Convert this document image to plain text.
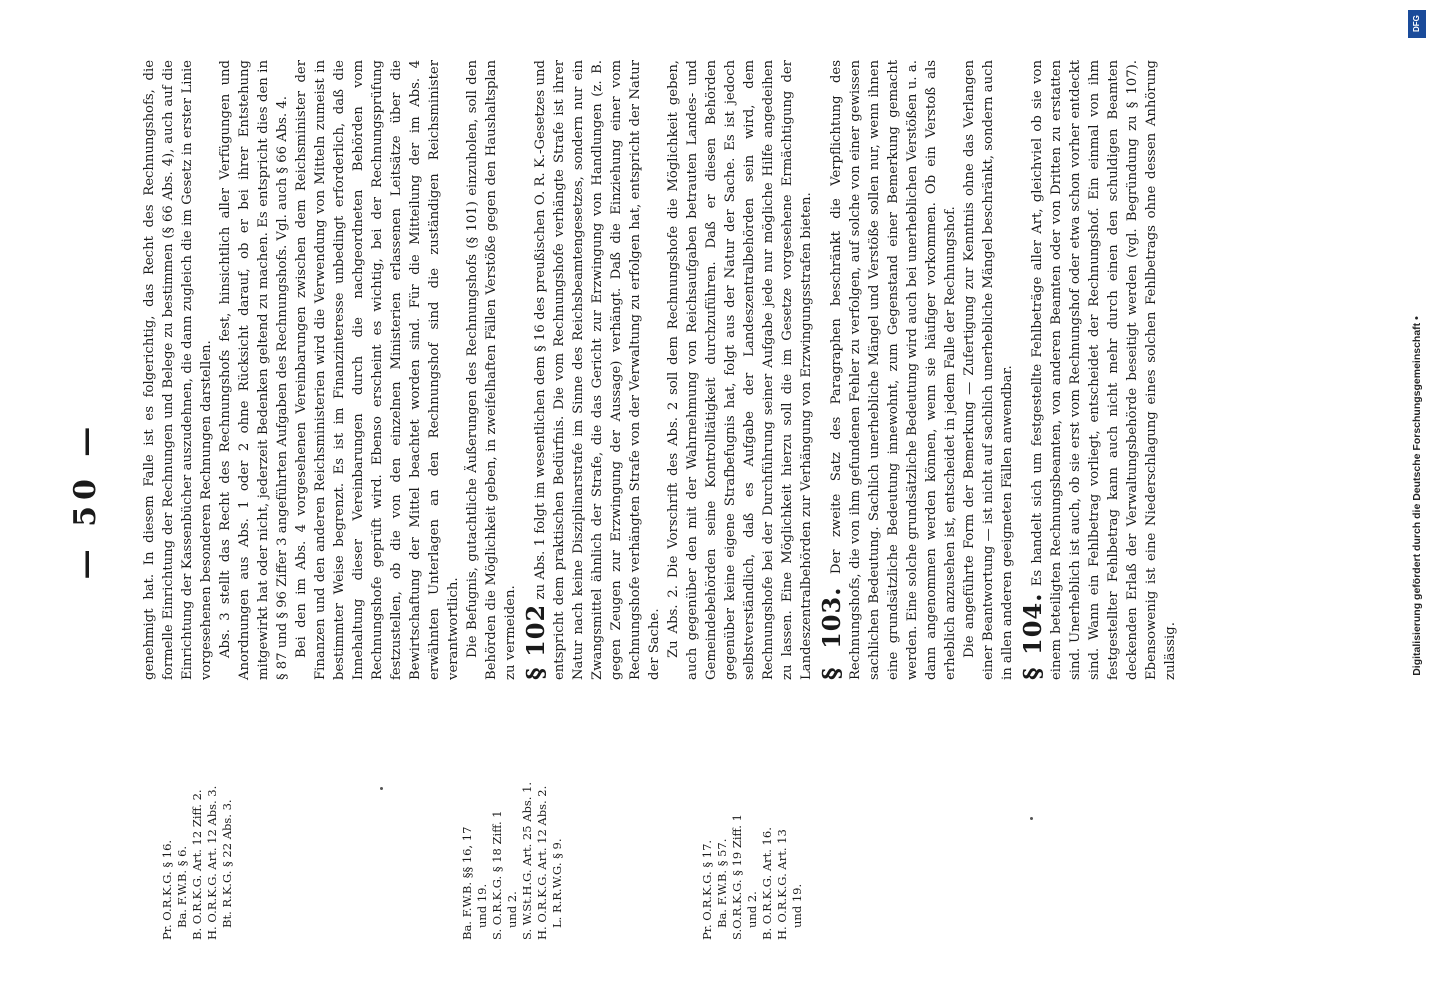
— 50 —
Pr. O.R.K.G. § 16. Ba. F.W.B. § 6. B. O.R.K.G. Art. 12 Ziff. 2. H. O.R.K.G. Art. 12 Abs. 3. Bt. R.K.G. § 22 Abs. 3.	Ba. F.W.B. §§ 16, 17 und 19. S. O.R.K.G. § 18 Ziff. 1 und 2. S. W.St.H.G. Art. 25 Abs. 1. H. O.R.K.G. Art. 12 Abs. 2. L. R.R.W.G. § 9.	Pr. O.R.K.G. § 17. Ba. F.W.B. § 57. S.O.R.K.G. § 19 Ziff. 1 und 2. B. O.R.K.G. Art. 16. H. O.R.K.G. Art. 13 und 19.

genehmigt hat. In diesem Falle ist es folgerichtig, das Recht des Rechnungshofs, die formelle Einrichtung der Rechnungen und Belege zu bestimmen (§ 66 Abs. 4), auch auf die Einrichtung der Kassenbücher auszudehnen, die dann zugleich die im Gesetz in erster Linie vorgesehenen besonderen Rechnungen darstellen. Abs. 3 stellt das Recht des Rechnungshofs fest, hinsichtlich aller Verfügungen und Anordnungen aus Abs. 1 oder 2 ohne Rücksicht darauf, ob er bei ihrer Entstehung mitgewirkt hat oder nicht, jederzeit Bedenken geltend zu machen. Es entspricht dies den in § 87 und § 96 Ziffer 3 angeführten Aufgaben des Rechnungshofs. Vgl. auch § 66 Abs. 4. Bei den im Abs. 4 vorgesehenen Vereinbarungen zwischen dem Reichsminister der Finanzen und den anderen Reichsministerien wird die Verwendung von Mitteln zumeist in bestimmter Weise begrenzt. Es ist im Finanzinteresse unbedingt erforderlich, daß die Innehaltung dieser Vereinbarungen durch die nachgeordneten Behörden vom Rechnungshofe geprüft wird. Ebenso erscheint es wichtig, bei der Rechnungsprüfung festzustellen, ob die von den einzelnen Ministerien erlassenen Leitsätze über die Bewirtschaftung der Mittel beachtet worden sind. Für die Mitteilung der im Abs. 4 erwähnten Unterlagen an den Rechnungshof sind die zuständigen Reichsminister verantwortlich. Die Befugnis, gutachtliche Äußerungen des Rechnungshofs (§ 101) einzuholen, soll den Behörden die Möglichkeit geben, in zweifelhaften Fällen Verstöße gegen den Haushaltsplan zu vermeiden. § 102 zu Abs. 1 folgt im wesentlichen dem § 16 des preußischen O. R. K.-Gesetzes und entspricht dem praktischen Bedürfnis. Die vom Rechnungshofe verhängte Strafe ist ihrer Natur nach keine Disziplinarstrafe im Sinne des Reichsbeamtengesetzes, sondern nur ein Zwangsmittel ähnlich der Strafe, die das Gericht zur Erzwingung von Handlungen (z. B. gegen Zeugen zur Erzwingung der Aussage) verhängt. Daß die Einziehung einer vom Rechnungshofe verhängten Strafe von der Verwaltung zu erfolgen hat, entspricht der Natur der Sache. Zu Abs. 2. Die Vorschrift des Abs. 2 soll dem Rechnungshofe die Möglichkeit geben, auch gegenüber den mit der Wahrnehmung von Reichsaufgaben betrauten Landes- und Gemeindebehörden seine Kontrolltätigkeit durchzuführen. Daß er diesen Behörden gegenüber keine eigene Strafbefugnis hat, folgt aus der Natur der Sache. Es ist jedoch selbstverständlich, daß es Aufgabe der Landeszentralbehörden sein wird, dem Rechnungshofe bei der Durchführung seiner Aufgabe jede nur mögliche Hilfe angedeihen zu lassen. Eine Möglichkeit hierzu soll die im Gesetze vorgesehene Ermächtigung der Landeszentralbehörden zur Verhängung von Erzwingungsstrafen bieten. § 103. Der zweite Satz des Paragraphen beschränkt die Verpflichtung des Rechnungshofs, die von ihm gefundenen Fehler zu verfolgen, auf solche von einer gewissen sachlichen Bedeutung. Sachlich unerhebliche Mängel und Verstöße sollen nur, wenn ihnen eine grundsätzliche Bedeutung innewohnt, zum Gegenstand einer Bemerkung gemacht werden. Eine solche grundsätzliche Bedeutung wird auch bei unerheblichen Verstößen u. a. dann angenommen werden können, wenn sie häufiger vorkommen. Ob ein Verstoß als erheblich anzusehen ist, entscheidet in jedem Falle der Rechnungshof. Die angeführte Form der Bemerkung — Zufertigung zur Kenntnis ohne das Verlangen einer Beantwortung — ist nicht auf sachlich unerhebliche Mängel beschränkt, sondern auch in allen anderen geeigneten Fällen anwendbar. § 104. Es handelt sich um festgestellte Fehlbeträge aller Art, gleichviel ob sie von einem beteiligten Rechnungsbeamten, von anderen Beamten oder von Dritten zu erstatten sind. Unerheblich ist auch, ob sie erst vom Rechnungshof oder etwa schon vorher entdeckt sind. Wann ein Fehlbetrag vorliegt, entscheidet der Rechnungshof. Ein einmal von ihm festgestellter Fehlbetrag kann auch nicht mehr durch einen den schuldigen Beamten deckenden Erlaß der Verwaltungsbehörde beseitigt werden (vgl. Begründung zu § 107). Ebensowenig ist eine Niederschlagung eines solchen Fehlbetrags ohne dessen Anhörung zulässig.

DFG
Digitalisierung gefördert durch die Deutsche Forschungsgemeinschaft •
